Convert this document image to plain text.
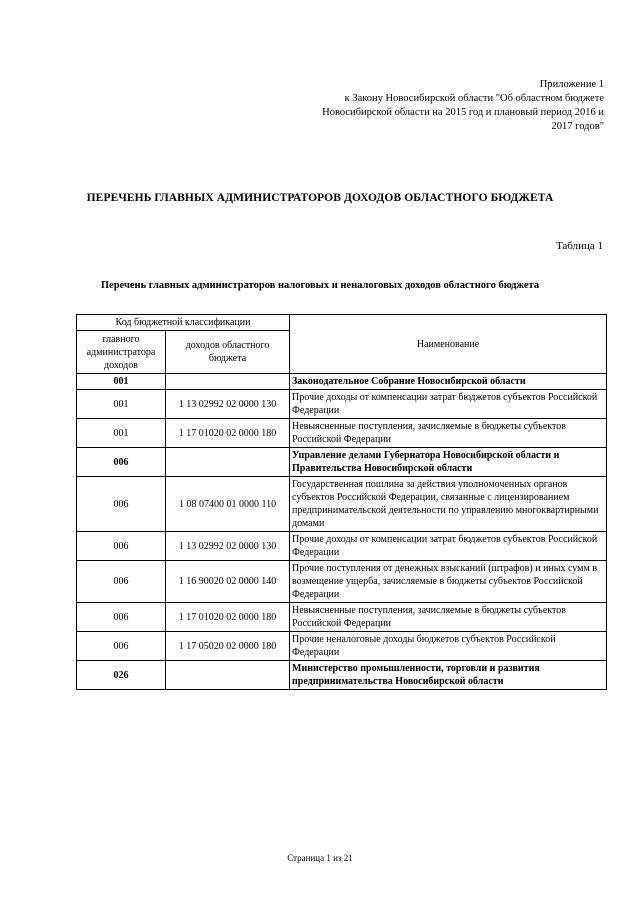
Приложение 1
к Закону Новосибирской области "Об областном бюджете
Новосибирской области на 2015 год и плановый период 2016 и
2017 годов"
ПЕРЕЧЕНЬ ГЛАВНЫХ АДМИНИСТРАТОРОВ ДОХОДОВ ОБЛАСТНОГО БЮДЖЕТА
Таблица 1
Перечень главных администраторов налоговых и неналоговых доходов областного бюджета
Код бюджетной классификации		Наименование
главного администратора доходов	доходов областного бюджета	
001		Законодательное Собрание Новосибирской области
001	1 13 02992 02 0000 130	Прочие доходы от компенсации затрат бюджетов субъектов Российской Федерации
001	1 17 01020 02 0000 180	Невыясненные поступления, зачисляемые в бюджеты субъектов Российской Федерации
006		Управление делами Губернатора Новосибирской области и Правительства Новосибирской области
006	1 08 07400 01 0000 110	Государственная пошлина за действия уполномоченных органов субъектов Российской Федерации, связанные с лицензированием предпринимательской деятельности по управлению многоквартирными домами
006	1 13 02992 02 0000 130	Прочие доходы от компенсации затрат бюджетов субъектов Российской Федерации
006	1 16 90020 02 0000 140	Прочие поступления от денежных взысканий (штрафов) и иных сумм в возмещение ущерба, зачисляемые в бюджеты субъектов Российской Федерации
006	1 17 01020 02 0000 180	Невыясненные поступления, зачисляемые в бюджеты субъектов Российской Федерации
006	1 17 05020 02 0000 180	Прочие неналоговые доходы бюджетов субъектов Российской Федерации
026		Министерство промышленности, торговли и развития предпринимательства Новосибирской области
Страница 1 из 21
